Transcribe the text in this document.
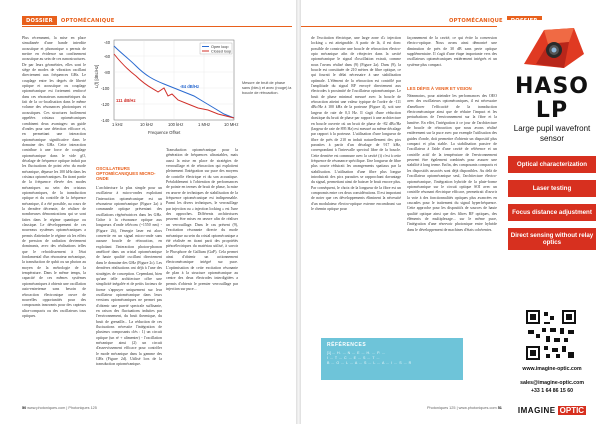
DOSSIER	OPTOMÉCANIQUE

Plus récemment, la mise en place simultanée d'une bande interdite acoustique et phononique a permis de mettre en évidence un confinement acoustique au sein de ces nanostructures. De par leurs géométries, elles sont le siège de modes de vibration oscillant directement aux fréquences GHz. Le couplage entre les degrés de liberté optique et acoustique ou couplage optomécanique est fortement renforcé dans ces résonateurs nanométriques du fait de la co-localisation dans le même volume des résonances photoniques et acoustiques. Ces structures facilement appelées cristaux optomécaniques combinent deux avantages: un guide d'ondes pour une détection efficace et, en permettant une interaction optomécanique significative dans le domaine des GHz. Cette interaction contribue à une force de couplage optomécanique dans le vide gO, décalage de fréquence optique induit par les fluctuations de point zéro du mode mécanique, dépasse les 100 kHz dans les cristaux optomécaniques. En tirant partie de la fréquence élevée des modes mécaniques au sein des cristaux optomécaniques, de la transduction optique et du contrôle de la fréquence mécanique, il a été possible, au cours de la dernière décennie, de réaliser de nombreuses démonstrations qui se sont faites dans le régime quantique ou classique. Le développement de ces nouveaux systèmes optomécaniques a permis d'atteindre le régime où les effets de pression de radiation deviennent dominants, avec des réalisations telles que le refroidissement à l'état fondamental d'un résonateur mécanique, la transduction de qubit ou un photon au moyen de la métrologie de la température. Dans le même temps, la capacité de ces mêmes systèmes optomécaniques à obtenir une oscillation auto-entretenue sans besoin de rétroaction électronique ouvre de nouvelles opportunités pour des composants innovants pour des capteurs ultra-compacts ou des oscillateurs tous optiques.

L(f) [dBc/Hz]
Frequence Offset
1 kHz	10 kHz	100 kHz	1 MHz	10 MHz
-40
-60
-80
-100
-120
-140
-84 dB/Hz
111 dB/Hz
Open loop
Closed loop
Mesure de bruit de phase sans (bleu) et avec (rouge) la boucle de rétroaction.
OSCILLATEURS OPTOMÉCANIQUES MICRO-ONDE

L'architecture la plus simple pour un oscillateur à micro-ondes exploitant l'interaction optomécanique est un résonateur optomécanique (Figure 2a) à commande optique présentant des oscillations régénératrices dans les GHz. Grâce à la résonance optique aux longueurs d'onde télécom (~1550 nm) - (Figure 2b), l'énergie laser est alors convertie en un signal micro-onde sans aucune boucle de rétroaction, en exploitant l'interaction photon-phonon amélioré dans un cristal optomécanique de haute qualité oscillant directement dans le domaine des GHz (Figure 2c). Les dernières réalisations ont déjà à l'une des stratégies de conception. Cependant, bien qu'une telle architecture offre une simplicité inégalée et de petits facteurs de forme s'appuyer uniquement sur leur oscillateur optomécanique dans leurs versions optomécaniques ne permet pas d'obtenir une pureté spectrale suffisante, en raison des fluctuations induites par l'environnement, du bruit thermique, du bruit de grenaille... La réduction de ces fluctuations nécessite l'intégration de plusieurs composants clés : 1) un circuit optique (un ré + alimenter) - l'oscillation mécanique ainsi (2) un circuit d'asservissement efficace pour contrôler le mode mécanique dans la gamme des GHz (Figure 2d). Utilisé lors de la transduction optomécanique.

Transduction optomécanique pour la génération de fréquences ultrastables, mais aussi la mise en place de stratégies de verrouillage et de rétroaction qui exploitent pleinement l'intégration sur puce des moyens de contrôle électrique et du son acoustique. Préalablement à l'obtention de performances de pointe en termes de bruit de phase, la mise en œuvre de techniques de stabilisation de la fréquence optomécanique est indispensable. Parmi les divers techniques, le verrouillage par injection ou « injection locking » est l'une des approches. Différents architectures peuvent être mises en œuvre afin de réaliser un verrouillage. Dans le cas présent (9), l'excitation résonante directe du mode mécanique au sein du cristal optomécanique a été réalisée en tirant parti des propriétés piézoélectriques du matériau utilisé, à savoir le Phosphore de Gallium (GaP). Cela permet ainsi d'obtenir un actionnement électromécanique intégré sur puce. L'optimisation de cette excitation résonante de plan à la structure optomécanique au centre des deux électrodes interdigitées a permis d'obtenir le premier verrouillage par injection sur puce...

50 www.photoniques.com | Photoniques 125
OPTOMÉCANIQUE

de l'excitation électrique, une large zone d'« injection locking » est atteignable. A partir de là, il est donc possible de construire une boucle de rétroaction électro-opto mécanique afin de réinjecter dans la cavité optomécanique le signal d'oscillation extrait, comme nous l'avons réalisé dans (9) (Figure 2a). Dans (9), la boucle est constituée de 210 mètres de fibre optique, ce qui fournit le délai nécessaire à une stabilisation optimale. L'élément de la rétroaction est contrôlé par l'amplitude du signal RF envoyé directement aux électrodes à proximité de l'oscillateur optomécanique. Le bruit de phase minimal mesuré avec la boucle de rétroaction atteint une valeur typique de l'ordre de -111 dBc/Hz à 100 kHz de la porteuse (Figure 4), soit une largeur de raie de 0,3 Hz. Il s'agit d'une réduction drastique du bruit de phase par rapport à une architecture en boucle ouverte où un bruit de phase de -82 dBc/Hz (largeur de raie de 895 Hz) est mesuré au même décalage par rapport à la porteuse. L'utilisation d'une longueur de fibre de près de 210 m induit naturellement des pics parasites à partir d'un décalage de 917 kHz, correspondant à l'intervalle spectral libre de la boucle. Cette dernière est commune avec la cavité (i) c'est à cette fréquence de résonance spécifique. Une longueur de fibre plus courte réduirait les arrangements spatiaux par la stabilisation. L'utilisation d'une fibre plus longue introduirait des pics parasites se rapprochant davantage du signal, permettant ainsi de baisser le bruit encore plus. Par conséquent, le choix de la longueur de la fibre est un compromis entre ces deux considérations. Il est important de noter que ces développements éliminent la nécessité d'un modulateur électro-optique externe encombrant sur le chemin optique pour

façonnement de la cavité, ce qui évite la conversion électro-optique. Nous avons ainsi démontré une diminution de près de 30 dB sans perte optique supplémentaire. Il s'agit d'une étape importante vers des oscillateurs optomécaniques entièrement intégrés et un système plus compact.

LES DÉFIS À VENIR ET VISION

Néanmoins, pour atteindre les performances des OEO avec des oscillateurs optomécaniques, il est nécessaire d'améliorer l'efficacité de la transduction électromécanique ainsi que de réduire l'impact et les perturbations de l'environnement sur la fibre et la lumière. En effet, l'intégration à ce jour de l'architecture de boucle de rétroaction que nous avons réalisé entièrement sur la puce avec par exemple l'utilisation des guides d'onde, doit permettre d'obtenir un dispositif plus compact et plus stable. La stabilisation passive de l'oscillateur à l'aide d'une cavité de référence et un contrôle actif de la température de l'environnement peuvent être également combinés pour assurer une stabilité à long terme. Enfin, des composants compacts et les dispositifs associés sont déjà disponibles. Au delà de l'oscillateur optomécanique seul, l'architecture électro-optomécanique, l'intégration hybride de la plate-forme optomécanique sur le circuit optique SOI avec un contrôle résonant électrique efficace, permettrait d'ouvrir la voie à des fonctionnalités optiques plus avancées en cascades pour le traitement du signal hyperfréquence. Cette approche pour les dispositifs de sources de haute qualité optique ainsi que des filtres RF optiques, des éléments de multiplexage... sur le même puce, l'intégration d'une réservoir photonique entre hybride dans le développement de machines d'états cohérentes.

RÉFÉRENCES
[1] ...  H.  ...  N  ...  E  ...  H.  ...  P.  ...
I  ...  T  ...  C  ...  E  ...  S  ...  T  ...
B  ...  O  ...  L  ...  A  ...  S  ...  L  ...  A  ...  I  ...  S  ...  R
Photoniques 125 | www.photoniques.com 51
HASO
LP
Large pupil wavefront sensor
Optical characterization
Laser testing
Focus distance adjustment
Direct sensing without relay optics
www.imagine-optic.com
sales@imagine-optic.com
+33 1 64 86 15 60
IMAGINE OPTIC
